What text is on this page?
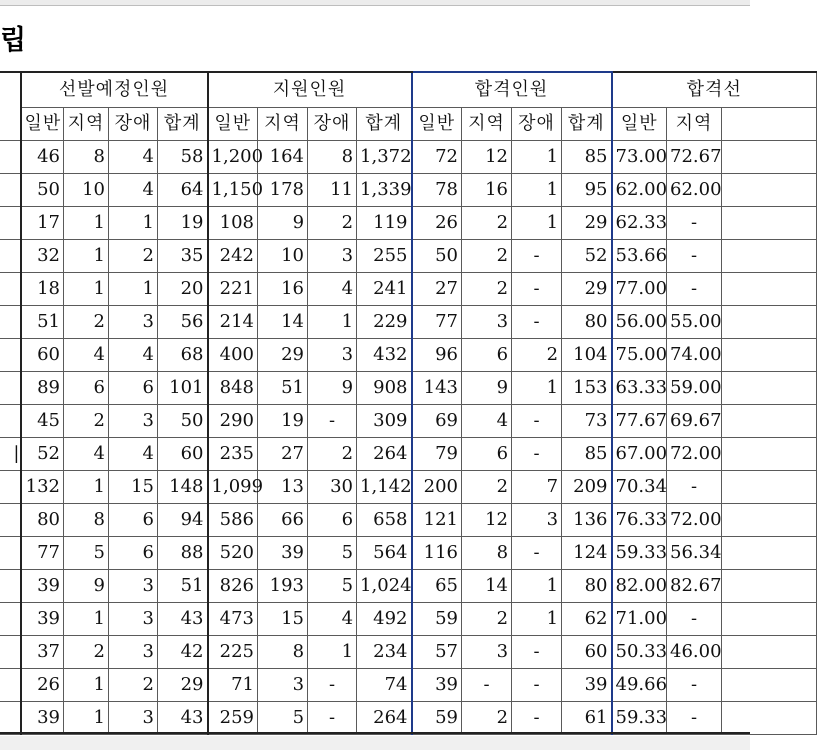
립
	선발예정인원				지원인원				합격인원				합격선		
	일반	지역	장애	합계	일반	지역	장애	합계	일반	지역	장애	합계	일반	지역	
	46	8	4	58	1,200	164	8	1,372	72	12	1	85	73.00	72.67	
	50	10	4	64	1,150	178	11	1,339	78	16	1	95	62.00	62.00	
	17	1	1	19	108	9	2	119	26	2	1	29	62.33	-	
	32	1	2	35	242	10	3	255	50	2	-	52	53.66	-	
	18	1	1	20	221	16	4	241	27	2	-	29	77.00	-	
	51	2	3	56	214	14	1	229	77	3	-	80	56.00	55.00	
	60	4	4	68	400	29	3	432	96	6	2	104	75.00	74.00	
	89	6	6	101	848	51	9	908	143	9	1	153	63.33	59.00	
	45	2	3	50	290	19	-	309	69	4	-	73	77.67	69.67	
|	52	4	4	60	235	27	2	264	79	6	-	85	67.00	72.00	
	132	1	15	148	1,099	13	30	1,142	200	2	7	209	70.34	-	
	80	8	6	94	586	66	6	658	121	12	3	136	76.33	72.00	
	77	5	6	88	520	39	5	564	116	8	-	124	59.33	56.34	
	39	9	3	51	826	193	5	1,024	65	14	1	80	82.00	82.67	
	39	1	3	43	473	15	4	492	59	2	1	62	71.00	-	
	37	2	3	42	225	8	1	234	57	3	-	60	50.33	46.00	
	26	1	2	29	71	3	-	74	39	-	-	39	49.66	-	
	39	1	3	43	259	5	-	264	59	2	-	61	59.33	-	
